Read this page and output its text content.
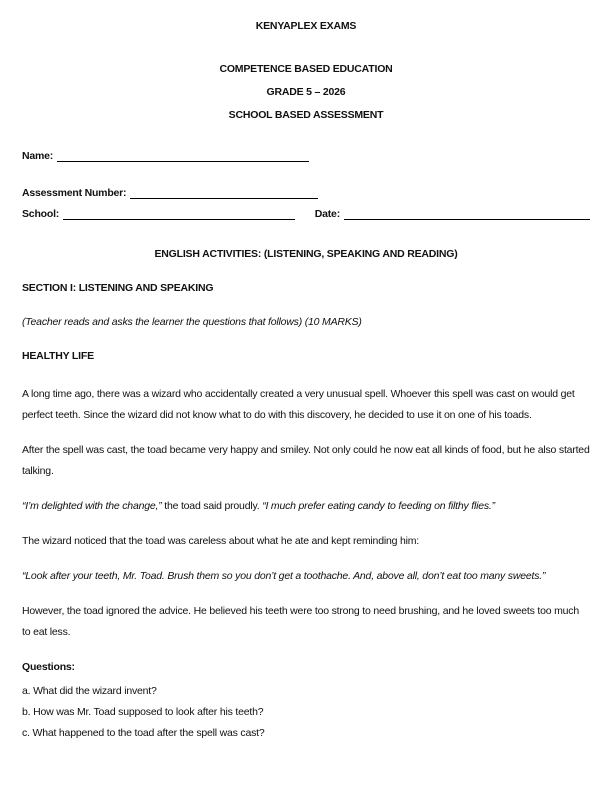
KENYAPLEX EXAMS
COMPETENCE BASED EDUCATION
GRADE 5 – 2026
SCHOOL BASED ASSESSMENT
Name:
Assessment Number:
School:	Date:
ENGLISH ACTIVITIES: (LISTENING, SPEAKING AND READING)
SECTION I: LISTENING AND SPEAKING
(Teacher reads and asks the learner the questions that follows) (10 MARKS)
HEALTHY LIFE

A long time ago, there was a wizard who accidentally created a very unusual spell. Whoever this spell was cast on would get perfect teeth. Since the wizard did not know what to do with this discovery, he decided to use it on one of his toads.

After the spell was cast, the toad became very happy and smiley. Not only could he now eat all kinds of food, but he also started talking.

“I’m delighted with the change,” the toad said proudly. “I much prefer eating candy to feeding on filthy flies.”

The wizard noticed that the toad was careless about what he ate and kept reminding him:

“Look after your teeth, Mr. Toad. Brush them so you don’t get a toothache. And, above all, don’t eat too many sweets.”

However, the toad ignored the advice. He believed his teeth were too strong to need brushing, and he loved sweets too much to eat less.

Questions:
a. What did the wizard invent?
b. How was Mr. Toad supposed to look after his teeth?
c. What happened to the toad after the spell was cast?
